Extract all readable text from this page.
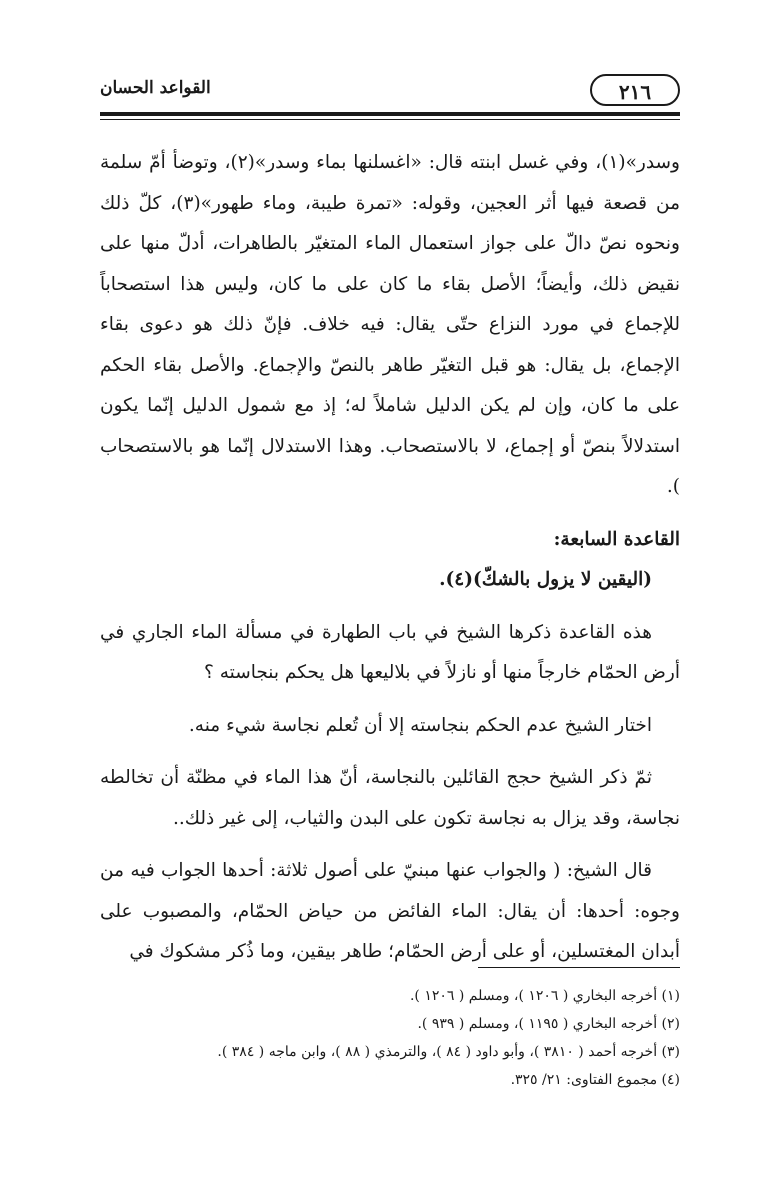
٢١٦
القواعد الحسان

وسدر»(١)، وفي غسل ابنته قال: «اغسلنها بماء وسدر»(٢)، وتوضأ أمّ سلمة من قصعة فيها أثر العجين، وقوله: «تمرة طيبة، وماء طهور»(٣)، كلّ ذلك ونحوه نصّ دالّ على جواز استعمال الماء المتغيّر بالطاهرات، أدلّ منها على نقيض ذلك، وأيضاً؛ الأصل بقاء ما كان على ما كان، وليس هذا استصحاباً للإجماع في مورد النزاع حتّى يقال: فيه خلاف. فإنّ ذلك هو دعوى بقاء الإجماع، بل يقال: هو قبل التغيّر طاهر بالنصّ والإجماع. والأصل بقاء الحكم على ما كان، وإن لم يكن الدليل شاملاً له؛ إذ مع شمول الدليل إنّما يكون استدلالاً بنصّ أو إجماع، لا بالاستصحاب. وهذا الاستدلال إنّما هو بالاستصحاب ).

القاعدة السابعة:

(اليقين لا يزول بالشكّ)(٤).

هذه القاعدة ذكرها الشيخ في باب الطهارة في مسألة الماء الجاري في أرض الحمّام خارجاً منها أو نازلاً في بلاليعها هل يحكم بنجاسته ؟

اختار الشيخ عدم الحكم بنجاسته إلا أن تُعلم نجاسة شيء منه.

ثمّ ذكر الشيخ حجج القائلين بالنجاسة، أنّ هذا الماء في مظنّة أن تخالطه نجاسة، وقد يزال به نجاسة تكون على البدن والثياب، إلى غير ذلك..

قال الشيخ: ( والجواب عنها مبنيّ على أصول ثلاثة: أحدها الجواب فيه من وجوه: أحدها: أن يقال: الماء الفائض من حياض الحمّام، والمصبوب على أبدان المغتسلين، أو على أرض الحمّام؛ طاهر بيقين، وما ذُكر مشكوك في

(١) أخرجه البخاري ( ١٢٠٦ )، ومسلم ( ١٢٠٦ ).
(٢) أخرجه البخاري ( ١١٩٥ )، ومسلم ( ٩٣٩ ).
(٣) أخرجه أحمد ( ٣٨١٠ )، وأبو داود ( ٨٤ )، والترمذي ( ٨٨ )، وابن ماجه ( ٣٨٤ ).
(٤) مجموع الفتاوى: ٢١/ ٣٢٥.
